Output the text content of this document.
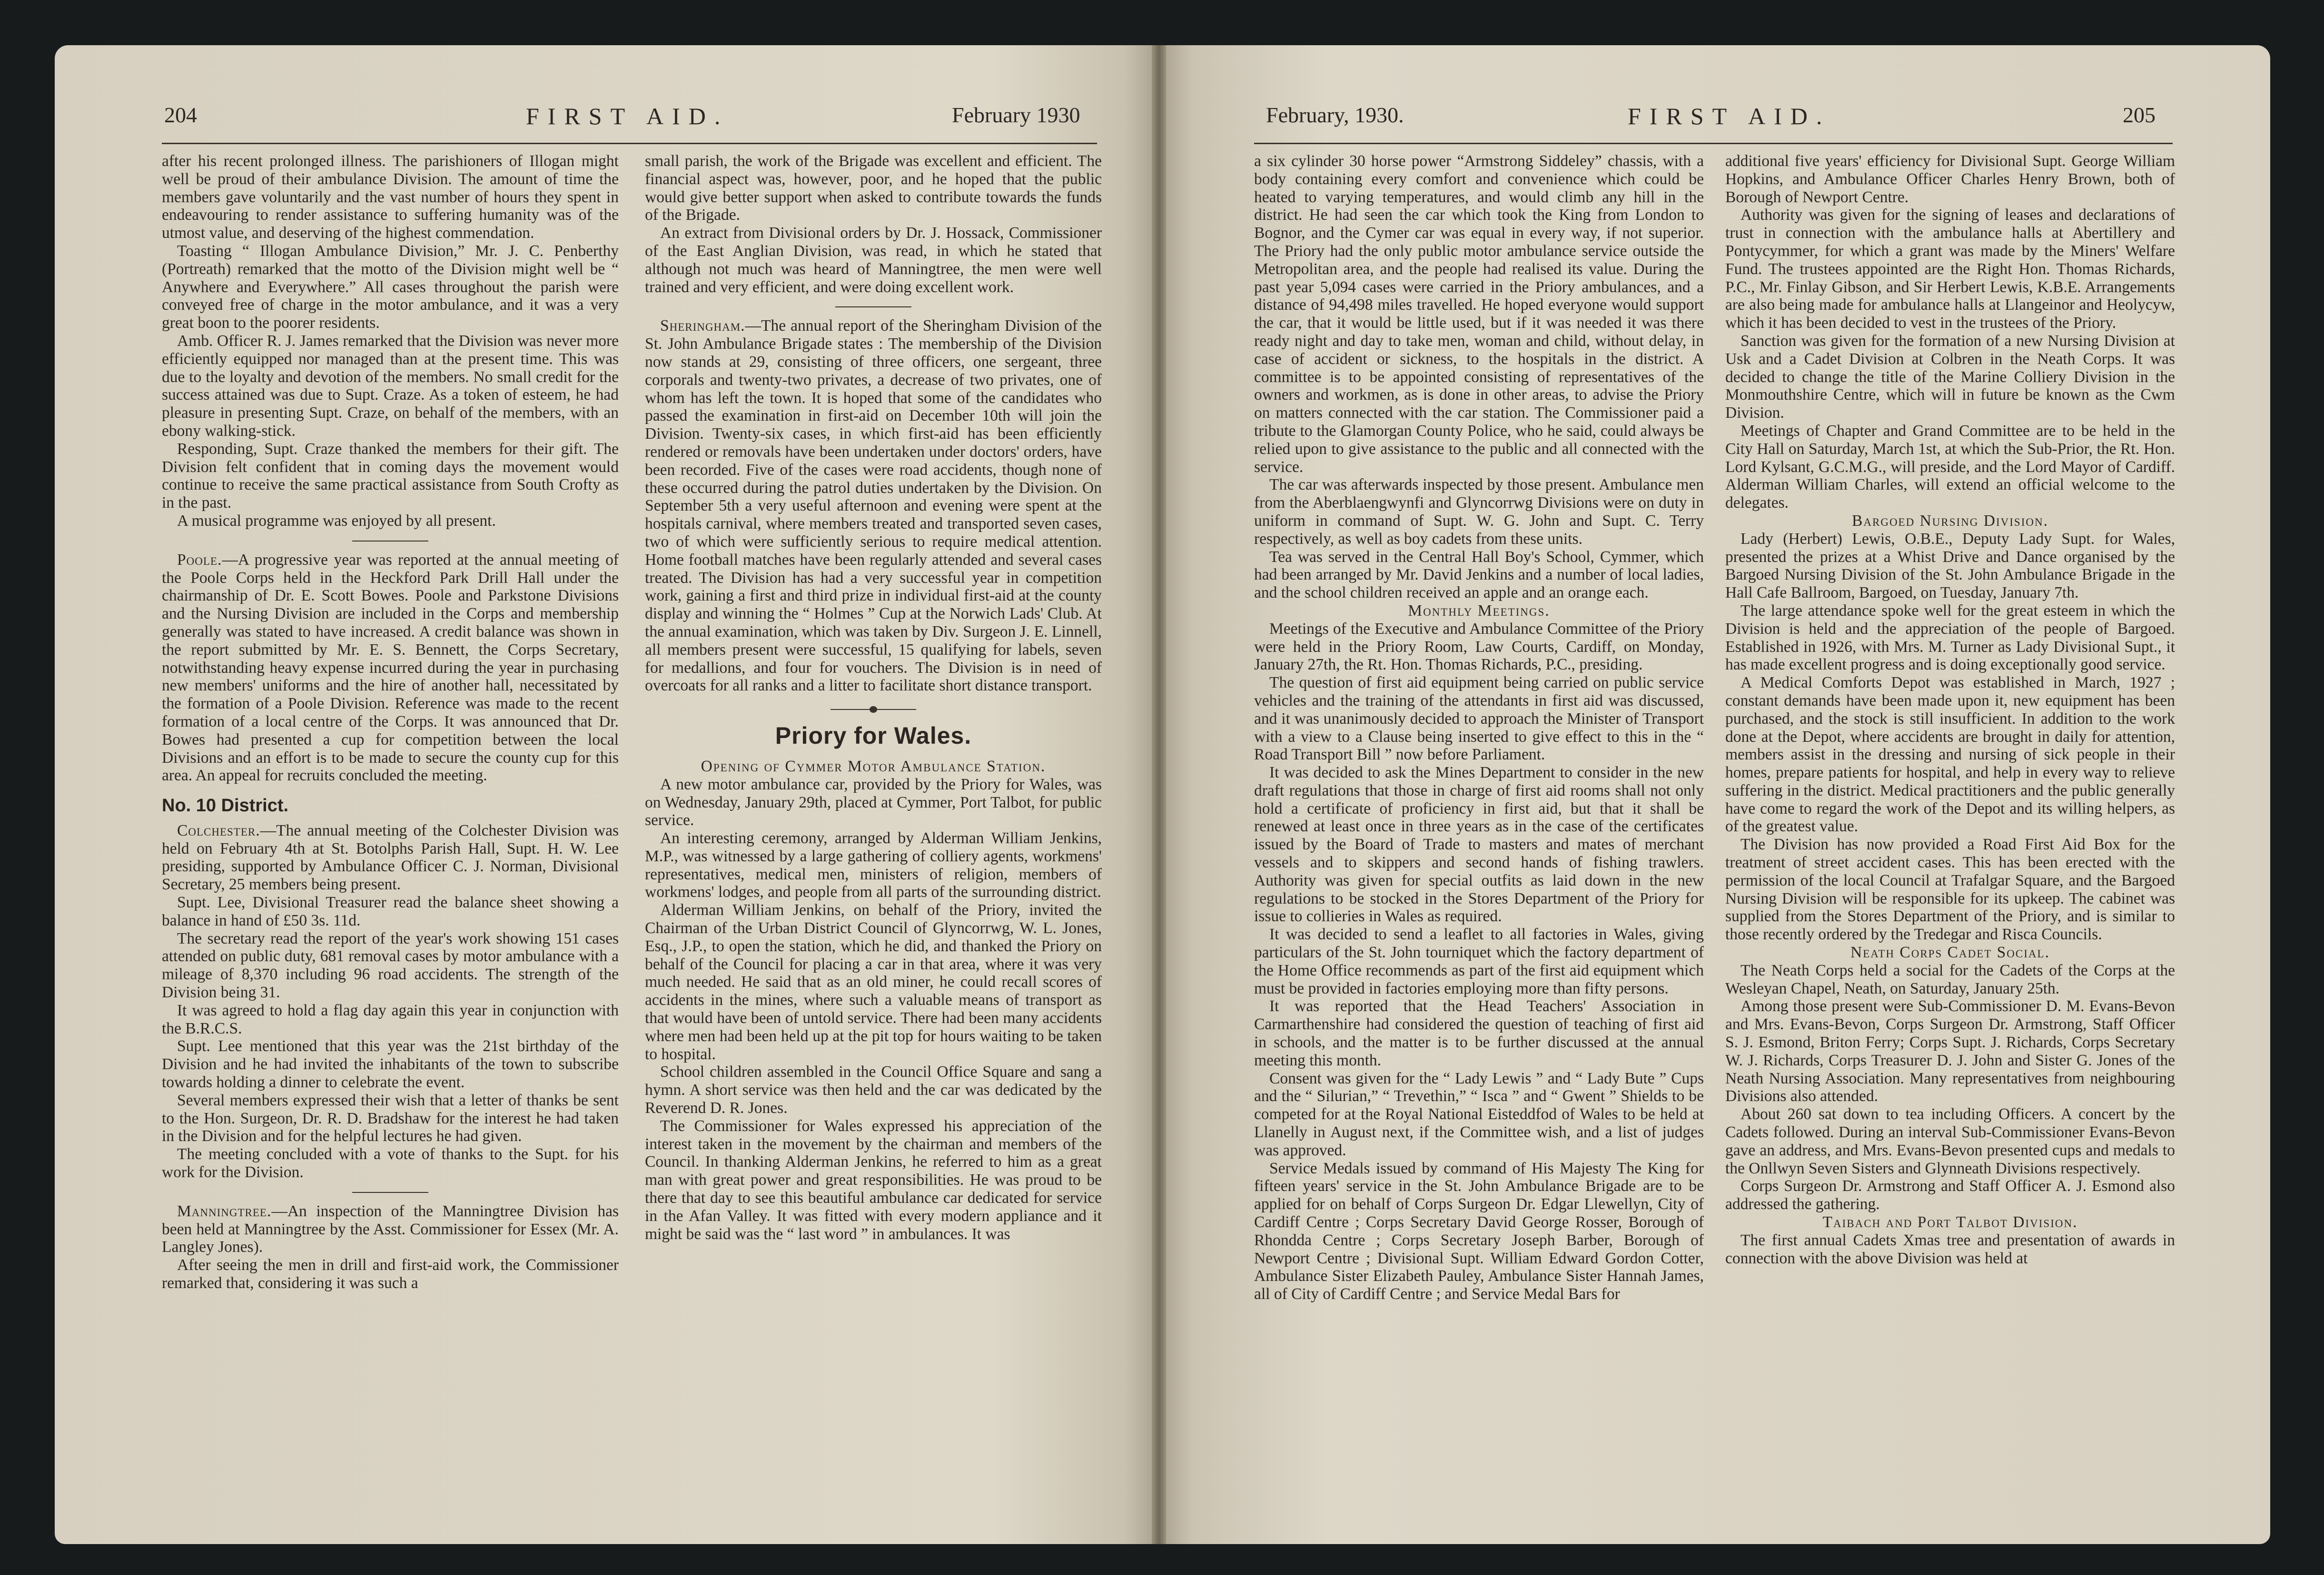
204	FIRST AID.	February 1930

after his recent prolonged illness. The parishioners of Illogan might well be proud of their ambulance Division. The amount of time the members gave voluntarily and the vast number of hours they spent in endeavouring to render assistance to suffering humanity was of the utmost value, and deserving of the highest commendation.

Toasting “ Illogan Ambulance Division,” Mr. J. C. Penberthy (Portreath) remarked that the motto of the Division might well be “ Anywhere and Everywhere.” All cases throughout the parish were conveyed free of charge in the motor ambulance, and it was a very great boon to the poorer residents.

Amb. Officer R. J. James remarked that the Division was never more efficiently equipped nor managed than at the present time. This was due to the loyalty and devotion of the members. No small credit for the success attained was due to Supt. Craze. As a token of esteem, he had pleasure in presenting Supt. Craze, on behalf of the members, with an ebony walking-stick.

Responding, Supt. Craze thanked the members for their gift. The Division felt confident that in coming days the movement would continue to receive the same practical assistance from South Crofty as in the past.

A musical programme was enjoyed by all present.

Poole.—A progressive year was reported at the annual meeting of the Poole Corps held in the Heckford Park Drill Hall under the chairmanship of Dr. E. Scott Bowes. Poole and Parkstone Divisions and the Nursing Division are included in the Corps and membership generally was stated to have increased. A credit balance was shown in the report submitted by Mr. E. S. Bennett, the Corps Secretary, notwithstanding heavy expense incurred during the year in purchasing new members' uniforms and the hire of another hall, necessitated by the formation of a Poole Division. Reference was made to the recent formation of a local centre of the Corps. It was announced that Dr. Bowes had presented a cup for competition between the local Divisions and an effort is to be made to secure the county cup for this area. An appeal for recruits concluded the meeting.

No. 10 District.

Colchester.—The annual meeting of the Colchester Division was held on February 4th at St. Botolphs Parish Hall, Supt. H. W. Lee presiding, supported by Ambulance Officer C. J. Norman, Divisional Secretary, 25 members being present.

Supt. Lee, Divisional Treasurer read the balance sheet showing a balance in hand of £50 3s. 11d.

The secretary read the report of the year's work showing 151 cases attended on public duty, 681 removal cases by motor ambulance with a mileage of 8,370 including 96 road accidents. The strength of the Division being 31.

It was agreed to hold a flag day again this year in conjunction with the B.R.C.S.

Supt. Lee mentioned that this year was the 21st birthday of the Division and he had invited the inhabitants of the town to subscribe towards holding a dinner to celebrate the event.

Several members expressed their wish that a letter of thanks be sent to the Hon. Surgeon, Dr. R. D. Bradshaw for the interest he had taken in the Division and for the helpful lectures he had given.

The meeting concluded with a vote of thanks to the Supt. for his work for the Division.

Manningtree.—An inspection of the Manningtree Division has been held at Manningtree by the Asst. Commissioner for Essex (Mr. A. Langley Jones).

After seeing the men in drill and first-aid work, the Commissioner remarked that, considering it was such a

small parish, the work of the Brigade was excellent and efficient. The financial aspect was, however, poor, and he hoped that the public would give better support when asked to contribute towards the funds of the Brigade.

An extract from Divisional orders by Dr. J. Hossack, Commissioner of the East Anglian Division, was read, in which he stated that although not much was heard of Manningtree, the men were well trained and very efficient, and were doing excellent work.

Sheringham.—The annual report of the Sheringham Division of the St. John Ambulance Brigade states : The membership of the Division now stands at 29, consisting of three officers, one sergeant, three corporals and twenty-two privates, a decrease of two privates, one of whom has left the town. It is hoped that some of the candidates who passed the examination in first-aid on December 10th will join the Division. Twenty-six cases, in which first-aid has been efficiently rendered or removals have been undertaken under doctors' orders, have been recorded. Five of the cases were road accidents, though none of these occurred during the patrol duties undertaken by the Division. On September 5th a very useful afternoon and evening were spent at the hospitals carnival, where members treated and transported seven cases, two of which were sufficiently serious to require medical attention. Home football matches have been regularly attended and several cases treated. The Division has had a very successful year in competition work, gaining a first and third prize in individual first-aid at the county display and winning the “ Holmes ” Cup at the Norwich Lads' Club. At the annual examination, which was taken by Div. Surgeon J. E. Linnell, all members present were successful, 15 qualifying for labels, seven for medallions, and four for vouchers. The Division is in need of overcoats for all ranks and a litter to facilitate short distance transport.

Priory for Wales.

Opening of Cymmer Motor Ambulance Station.

A new motor ambulance car, provided by the Priory for Wales, was on Wednesday, January 29th, placed at Cymmer, Port Talbot, for public service.

An interesting ceremony, arranged by Alderman William Jenkins, M.P., was witnessed by a large gathering of colliery agents, workmens' representatives, medical men, ministers of religion, members of workmens' lodges, and people from all parts of the surrounding district.

Alderman William Jenkins, on behalf of the Priory, invited the Chairman of the Urban District Council of Glyncorrwg, W. L. Jones, Esq., J.P., to open the station, which he did, and thanked the Priory on behalf of the Council for placing a car in that area, where it was very much needed. He said that as an old miner, he could recall scores of accidents in the mines, where such a valuable means of transport as that would have been of untold service. There had been many accidents where men had been held up at the pit top for hours waiting to be taken to hospital.

School children assembled in the Council Office Square and sang a hymn. A short service was then held and the car was dedicated by the Reverend D. R. Jones.

The Commissioner for Wales expressed his appreciation of the interest taken in the movement by the chairman and members of the Council. In thanking Alderman Jenkins, he referred to him as a great man with great power and great responsibilities. He was proud to be there that day to see this beautiful ambulance car dedicated for service in the Afan Valley. It was fitted with every modern appliance and it might be said was the “ last word ” in ambulances. It was

February, 1930.	FIRST AID.	205

a six cylinder 30 horse power “Armstrong Siddeley” chassis, with a body containing every comfort and convenience which could be heated to varying temperatures, and would climb any hill in the district. He had seen the car which took the King from London to Bognor, and the Cymer car was equal in every way, if not superior. The Priory had the only public motor ambulance service outside the Metropolitan area, and the people had realised its value. During the past year 5,094 cases were carried in the Priory ambulances, and a distance of 94,498 miles travelled. He hoped everyone would support the car, that it would be little used, but if it was needed it was there ready night and day to take men, woman and child, without delay, in case of accident or sickness, to the hospitals in the district. A committee is to be appointed consisting of representatives of the owners and workmen, as is done in other areas, to advise the Priory on matters connected with the car station. The Commissioner paid a tribute to the Glamorgan County Police, who he said, could always be relied upon to give assistance to the public and all connected with the service.

The car was afterwards inspected by those present. Ambulance men from the Aberblaengwynfi and Glyncorrwg Divisions were on duty in uniform in command of Supt. W. G. John and Supt. C. Terry respectively, as well as boy cadets from these units.

Tea was served in the Central Hall Boy's School, Cymmer, which had been arranged by Mr. David Jenkins and a number of local ladies, and the school children received an apple and an orange each.

Monthly Meetings.

Meetings of the Executive and Ambulance Committee of the Priory were held in the Priory Room, Law Courts, Cardiff, on Monday, January 27th, the Rt. Hon. Thomas Richards, P.C., presiding.

The question of first aid equipment being carried on public service vehicles and the training of the attendants in first aid was discussed, and it was unanimously decided to approach the Minister of Transport with a view to a Clause being inserted to give effect to this in the “ Road Transport Bill ” now before Parliament.

It was decided to ask the Mines Department to consider in the new draft regulations that those in charge of first aid rooms shall not only hold a certificate of proficiency in first aid, but that it shall be renewed at least once in three years as in the case of the certificates issued by the Board of Trade to masters and mates of merchant vessels and to skippers and second hands of fishing trawlers. Authority was given for special outfits as laid down in the new regulations to be stocked in the Stores Department of the Priory for issue to collieries in Wales as required.

It was decided to send a leaflet to all factories in Wales, giving particulars of the St. John tourniquet which the factory department of the Home Office recommends as part of the first aid equipment which must be provided in factories employing more than fifty persons.

It was reported that the Head Teachers' Association in Carmarthenshire had considered the question of teaching of first aid in schools, and the matter is to be further discussed at the annual meeting this month.

Consent was given for the “ Lady Lewis ” and “ Lady Bute ” Cups and the “ Silurian,” “ Trevethin,” “ Isca ” and “ Gwent ” Shields to be competed for at the Royal National Eisteddfod of Wales to be held at Llanelly in August next, if the Committee wish, and a list of judges was approved.

Service Medals issued by command of His Majesty The King for fifteen years' service in the St. John Ambulance Brigade are to be applied for on behalf of Corps Surgeon Dr. Edgar Llewellyn, City of Cardiff Centre ; Corps Secretary David George Rosser, Borough of Rhondda Centre ; Corps Secretary Joseph Barber, Borough of Newport Centre ; Divisional Supt. William Edward Gordon Cotter, Ambulance Sister Elizabeth Pauley, Ambulance Sister Hannah James, all of City of Cardiff Centre ; and Service Medal Bars for

additional five years' efficiency for Divisional Supt. George William Hopkins, and Ambulance Officer Charles Henry Brown, both of Borough of Newport Centre.

Authority was given for the signing of leases and declarations of trust in connection with the ambulance halls at Abertillery and Pontycymmer, for which a grant was made by the Miners' Welfare Fund. The trustees appointed are the Right Hon. Thomas Richards, P.C., Mr. Finlay Gibson, and Sir Herbert Lewis, K.B.E. Arrangements are also being made for ambulance halls at Llangeinor and Heolycyw, which it has been decided to vest in the trustees of the Priory.

Sanction was given for the formation of a new Nursing Division at Usk and a Cadet Division at Colbren in the Neath Corps. It was decided to change the title of the Marine Colliery Division in the Monmouthshire Centre, which will in future be known as the Cwm Division.

Meetings of Chapter and Grand Committee are to be held in the City Hall on Saturday, March 1st, at which the Sub-Prior, the Rt. Hon. Lord Kylsant, G.C.M.G., will preside, and the Lord Mayor of Cardiff. Alderman William Charles, will extend an official welcome to the delegates.

Bargoed Nursing Division.

Lady (Herbert) Lewis, O.B.E., Deputy Lady Supt. for Wales, presented the prizes at a Whist Drive and Dance organised by the Bargoed Nursing Division of the St. John Ambulance Brigade in the Hall Cafe Ballroom, Bargoed, on Tuesday, January 7th.

The large attendance spoke well for the great esteem in which the Division is held and the appreciation of the people of Bargoed. Established in 1926, with Mrs. M. Turner as Lady Divisional Supt., it has made excellent progress and is doing exceptionally good service.

A Medical Comforts Depot was established in March, 1927 ; constant demands have been made upon it, new equipment has been purchased, and the stock is still insufficient. In addition to the work done at the Depot, where accidents are brought in daily for attention, members assist in the dressing and nursing of sick people in their homes, prepare patients for hospital, and help in every way to relieve suffering in the district. Medical practitioners and the public generally have come to regard the work of the Depot and its willing helpers, as of the greatest value.

The Division has now provided a Road First Aid Box for the treatment of street accident cases. This has been erected with the permission of the local Council at Trafalgar Square, and the Bargoed Nursing Division will be responsible for its upkeep. The cabinet was supplied from the Stores Department of the Priory, and is similar to those recently ordered by the Tredegar and Risca Councils.

Neath Corps Cadet Social.

The Neath Corps held a social for the Cadets of the Corps at the Wesleyan Chapel, Neath, on Saturday, January 25th.

Among those present were Sub-Commissioner D. M. Evans-Bevon and Mrs. Evans-Bevon, Corps Surgeon Dr. Armstrong, Staff Officer S. J. Esmond, Briton Ferry; Corps Supt. J. Richards, Corps Secretary W. J. Richards, Corps Treasurer D. J. John and Sister G. Jones of the Neath Nursing Association. Many representatives from neighbouring Divisions also attended.

About 260 sat down to tea including Officers. A concert by the Cadets followed. During an interval Sub-Commissioner Evans-Bevon gave an address, and Mrs. Evans-Bevon presented cups and medals to the Onllwyn Seven Sisters and Glynneath Divisions respectively.

Corps Surgeon Dr. Armstrong and Staff Officer A. J. Esmond also addressed the gathering.

Taibach and Port Talbot Division.

The first annual Cadets Xmas tree and presentation of awards in connection with the above Division was held at
